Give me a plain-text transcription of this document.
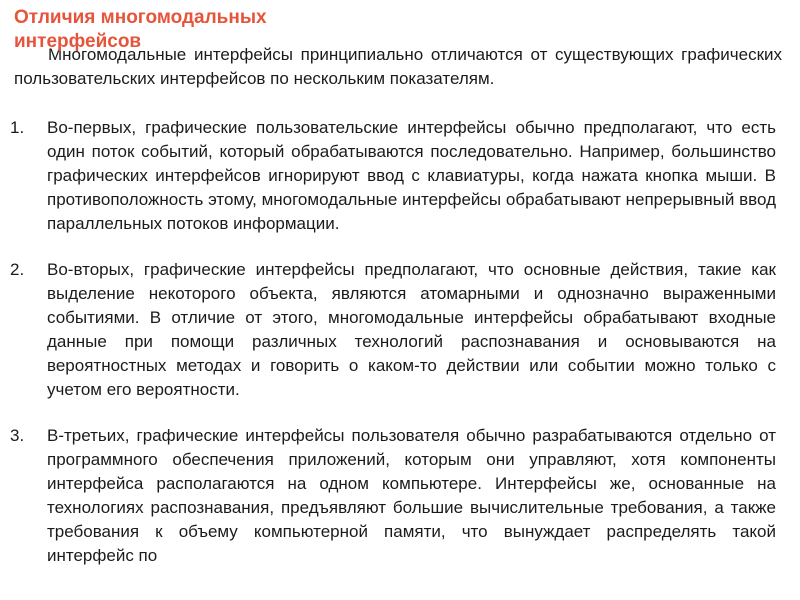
Отличия многомодальных интерфейсов
Многомодальные интерфейсы принципиально отличаются от существующих графических пользовательских интерфейсов по нескольким показателям.
1. Во-первых, графические пользовательские интерфейсы обычно предполагают, что есть один поток событий, который обрабатываются последовательно. Например, большинство графических интерфейсов игнорируют ввод с клавиатуры, когда нажата кнопка мыши. В противоположность этому, многомодальные интерфейсы обрабатывают непрерывный ввод параллельных потоков информации.
2. Во-вторых, графические интерфейсы предполагают, что основные действия, такие как выделение некоторого объекта, являются атомарными и однозначно выраженными событиями. В отличие от этого, многомодальные интерфейсы обрабатывают входные данные при помощи различных технологий распознавания и основываются на вероятностных методах и говорить о каком-то действии или событии можно только с учетом его вероятности.
3. В-третьих, графические интерфейсы пользователя обычно разрабатываются отдельно от программного обеспечения приложений, которым они управляют, хотя компоненты интерфейса располагаются на одном компьютере. Интерфейсы же, основанные на технологиях распознавания, предъявляют большие вычислительные требования, а также требования к объему компьютерной памяти, что вынуждает распределять такой интерфейс по
